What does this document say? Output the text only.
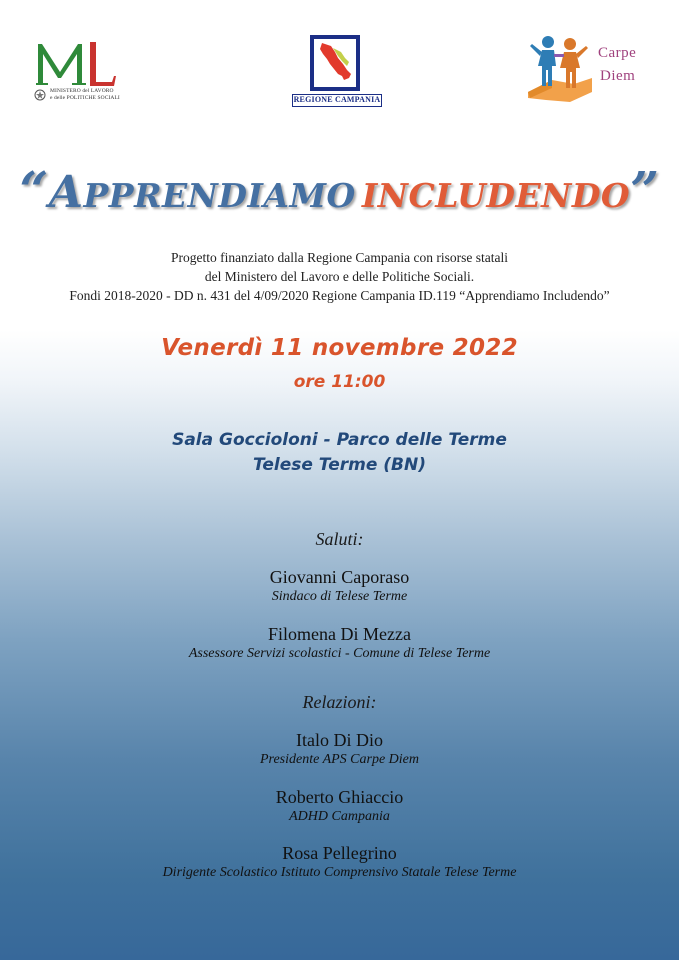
MINISTERO del LAVORO
e delle POLITICHE SOCIALI	REGIONE CAMPANIA
Carpe
Diem
“APPRENDIAMO INCLUDENDO”
Progetto finanziato dalla Regione Campania con risorse statali
del Ministero del Lavoro e delle Politiche Sociali.
Fondi 2018-2020 - DD n. 431 del 4/09/2020 Regione Campania ID.119 “Apprendiamo Includendo”
Venerdì 11 novembre 2022
ore 11:00
Sala Goccioloni - Parco delle Terme
Telese Terme (BN)
Saluti:
Giovanni Caporaso
Sindaco di Telese Terme
Filomena Di Mezza
Assessore Servizi scolastici - Comune di Telese Terme
Relazioni:
Italo Di Dio
Presidente APS Carpe Diem
Roberto Ghiaccio
ADHD Campania
Rosa Pellegrino
Dirigente Scolastico Istituto Comprensivo Statale Telese Terme
